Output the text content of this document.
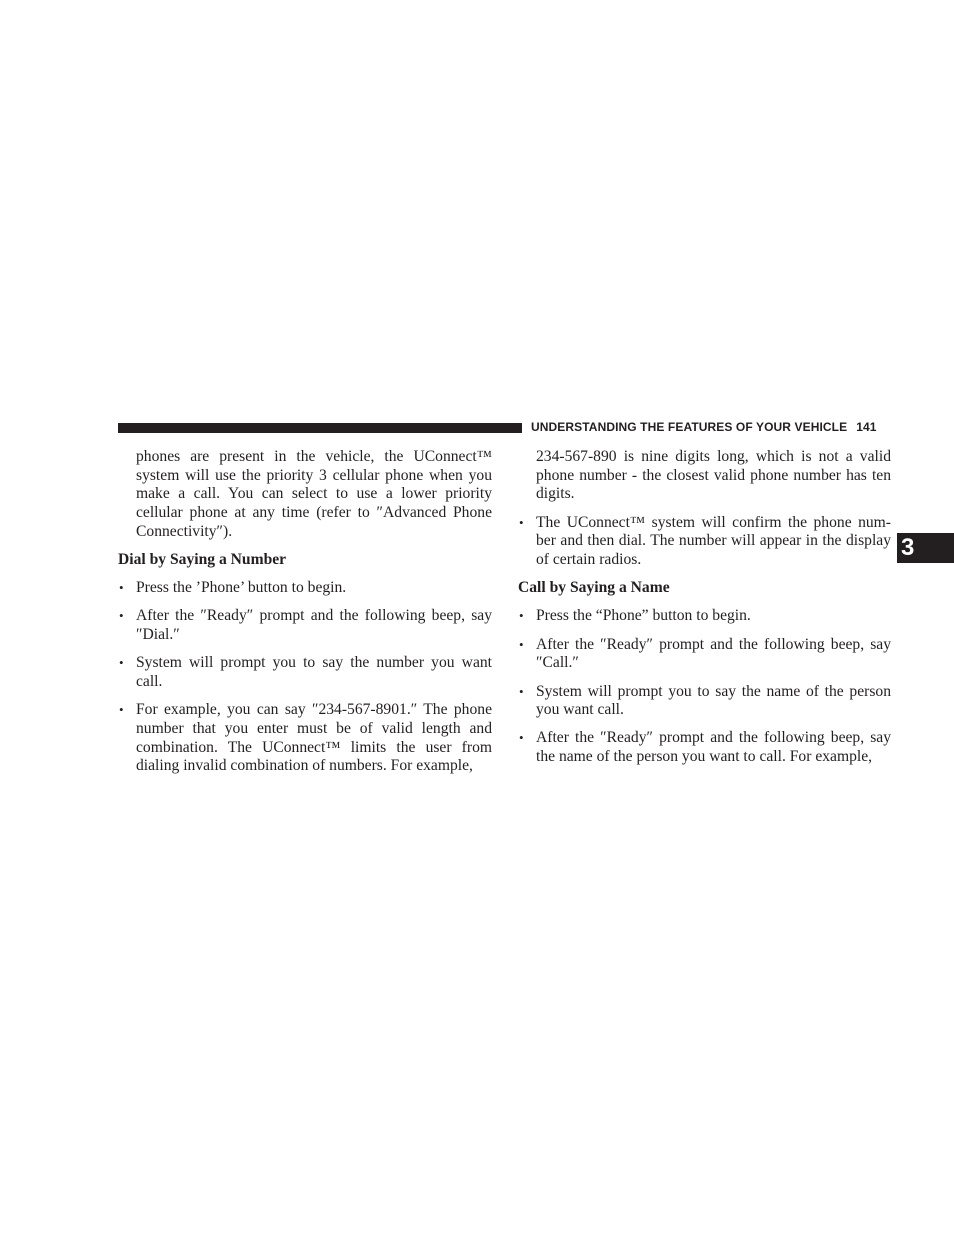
UNDERSTANDING THE FEATURES OF YOUR VEHICLE 141
3

phones are present in the vehicle, the UConnect™ system will use the priority 3 cellular phone when you make a call. You can select to use a lower priority cellular phone at any time (refer to ″Advanced Phone Connectivity″).

Dial by Saying a Number
• Press the ’Phone’ button to begin.
• After the ″Ready″ prompt and the following beep, say ″Dial.″
• System will prompt you to say the number you want call.
• For example, you can say ″234-567-8901.″ The phone number that you enter must be of valid length and combination. The UConnect™ limits the user from dialing invalid combination of numbers. For example,

234-567-890 is nine digits long, which is not a valid phone number - the closest valid phone number has ten digits.

• The UConnect™ system will confirm the phone num- ber and then dial. The number will appear in the display of certain radios.
Call by Saying a Name
• Press the “Phone” button to begin.
• After the ″Ready″ prompt and the following beep, say ″Call.″
• System will prompt you to say the name of the person you want call.
• After the ″Ready″ prompt and the following beep, say the name of the person you want to call. For example,
